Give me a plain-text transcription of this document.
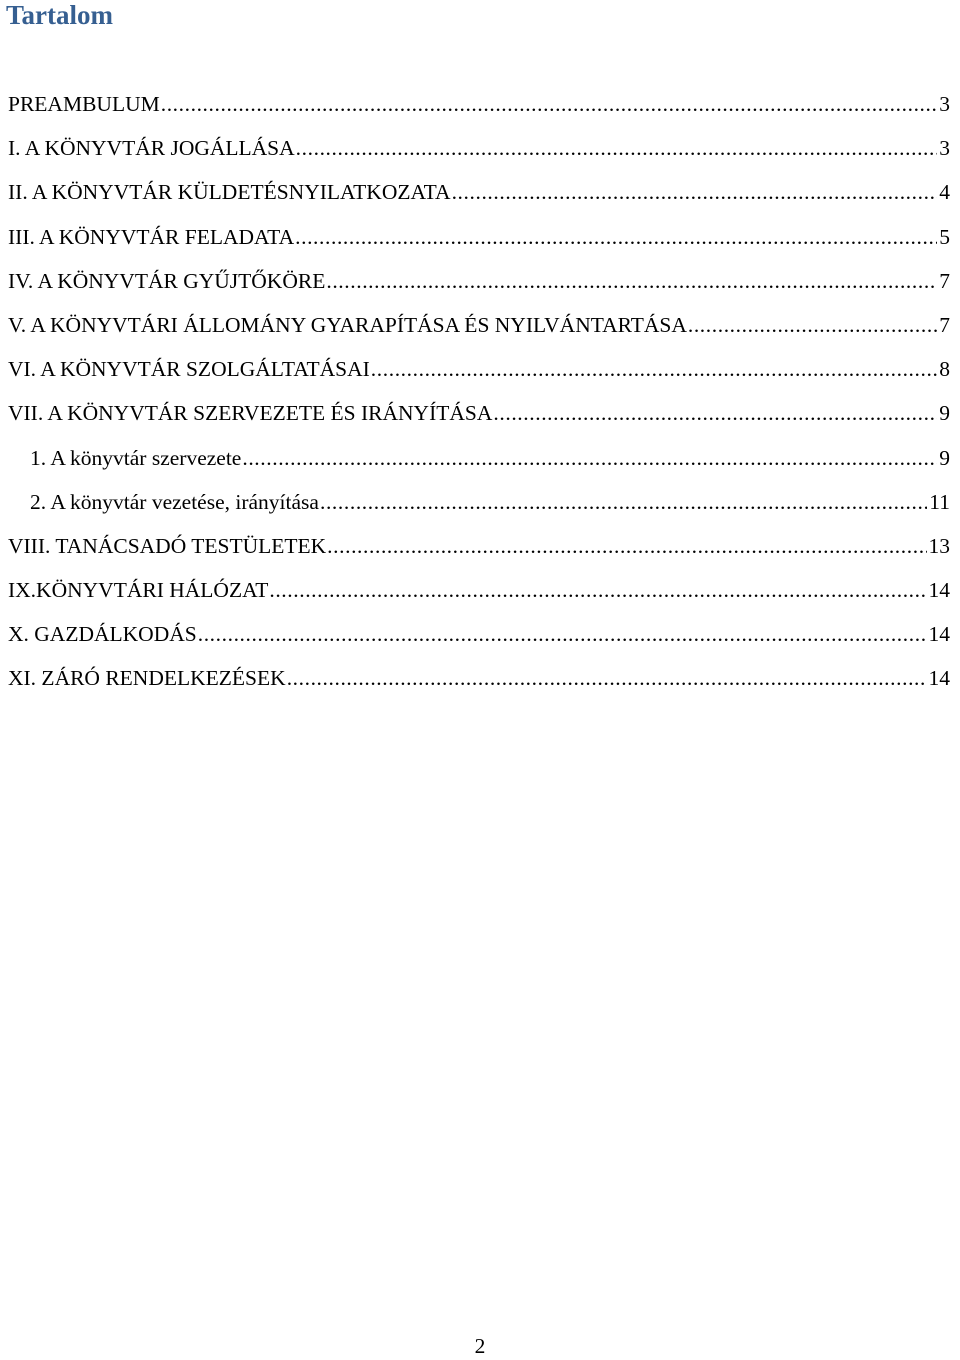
Tartalom
PREAMBULUM .....	3
I. A KÖNYVTÁR JOGÁLLÁSA .....	3
II. A KÖNYVTÁR KÜLDETÉSNYILATKOZATA .....	4
III. A KÖNYVTÁR FELADATA .....	5
IV. A KÖNYVTÁR GYŰJTŐKÖRE .....	7
V. A KÖNYVTÁRI ÁLLOMÁNY GYARAPÍTÁSA ÉS NYILVÁNTARTÁSA .....	7
VI. A KÖNYVTÁR SZOLGÁLTATÁSAI .....	8
VII. A KÖNYVTÁR SZERVEZETE ÉS IRÁNYÍTÁSA .....	9
1. A könyvtár szervezete .....	9
2. A könyvtár vezetése, irányítása .....	11
VIII. TANÁCSADÓ TESTÜLETEK .....	13
IX.KÖNYVTÁRI HÁLÓZAT .....	14
X. GAZDÁLKODÁS .....	14
XI. ZÁRÓ RENDELKEZÉSEK .....	14
2
